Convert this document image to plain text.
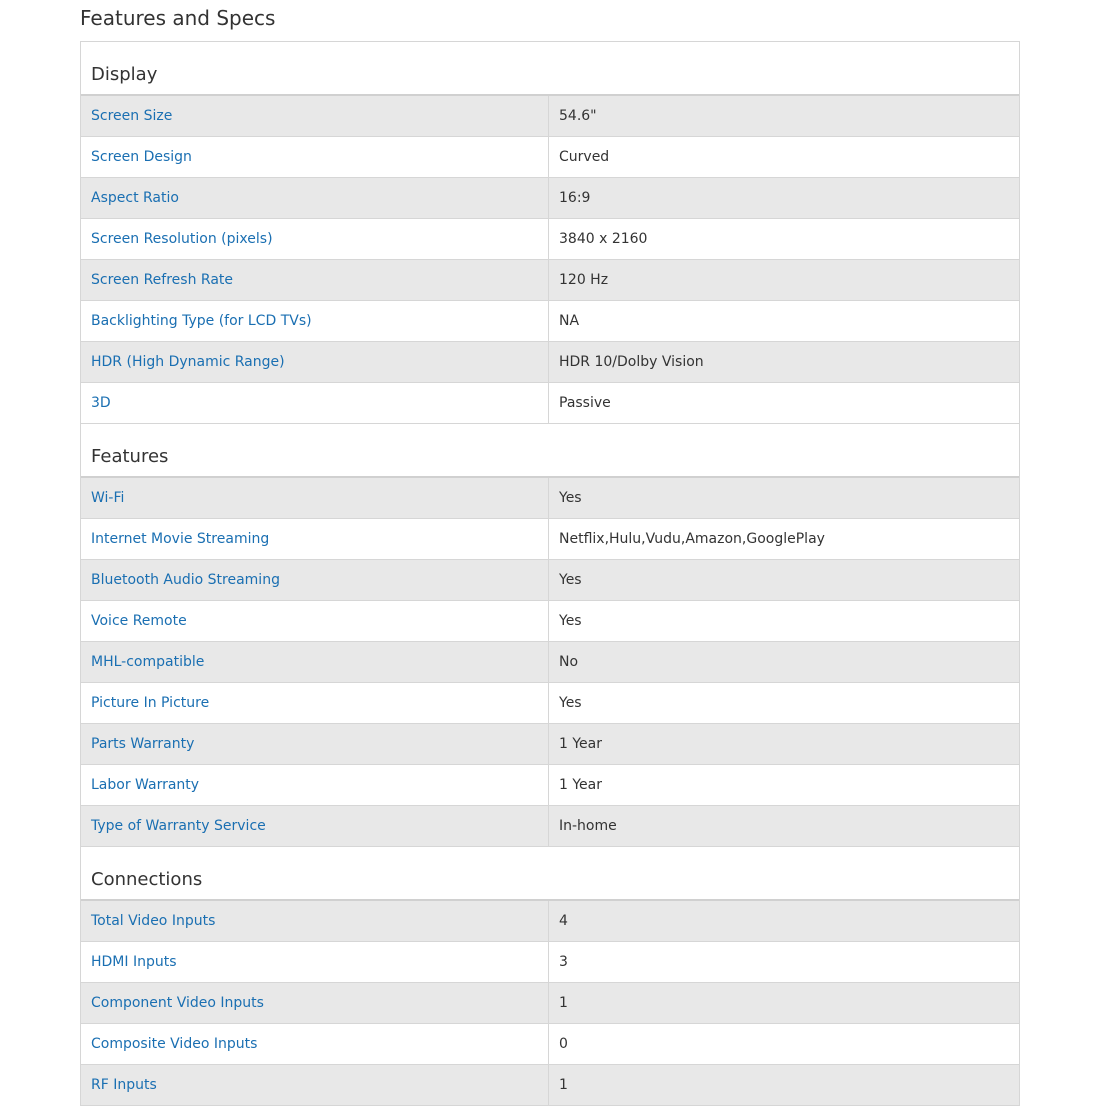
Features and Specs
Display
Screen Size	54.6"
Screen Design	Curved
Aspect Ratio	16:9
Screen Resolution (pixels)	3840 x 2160
Screen Refresh Rate	120 Hz
Backlighting Type (for LCD TVs)	NA
HDR (High Dynamic Range)	HDR 10/Dolby Vision
3D	Passive
Features
Wi-Fi	Yes
Internet Movie Streaming	Netflix,Hulu,Vudu,Amazon,GooglePlay
Bluetooth Audio Streaming	Yes
Voice Remote	Yes
MHL-compatible	No
Picture In Picture	Yes
Parts Warranty	1 Year
Labor Warranty	1 Year
Type of Warranty Service	In-home
Connections
Total Video Inputs	4
HDMI Inputs	3
Component Video Inputs	1
Composite Video Inputs	0
RF Inputs	1
